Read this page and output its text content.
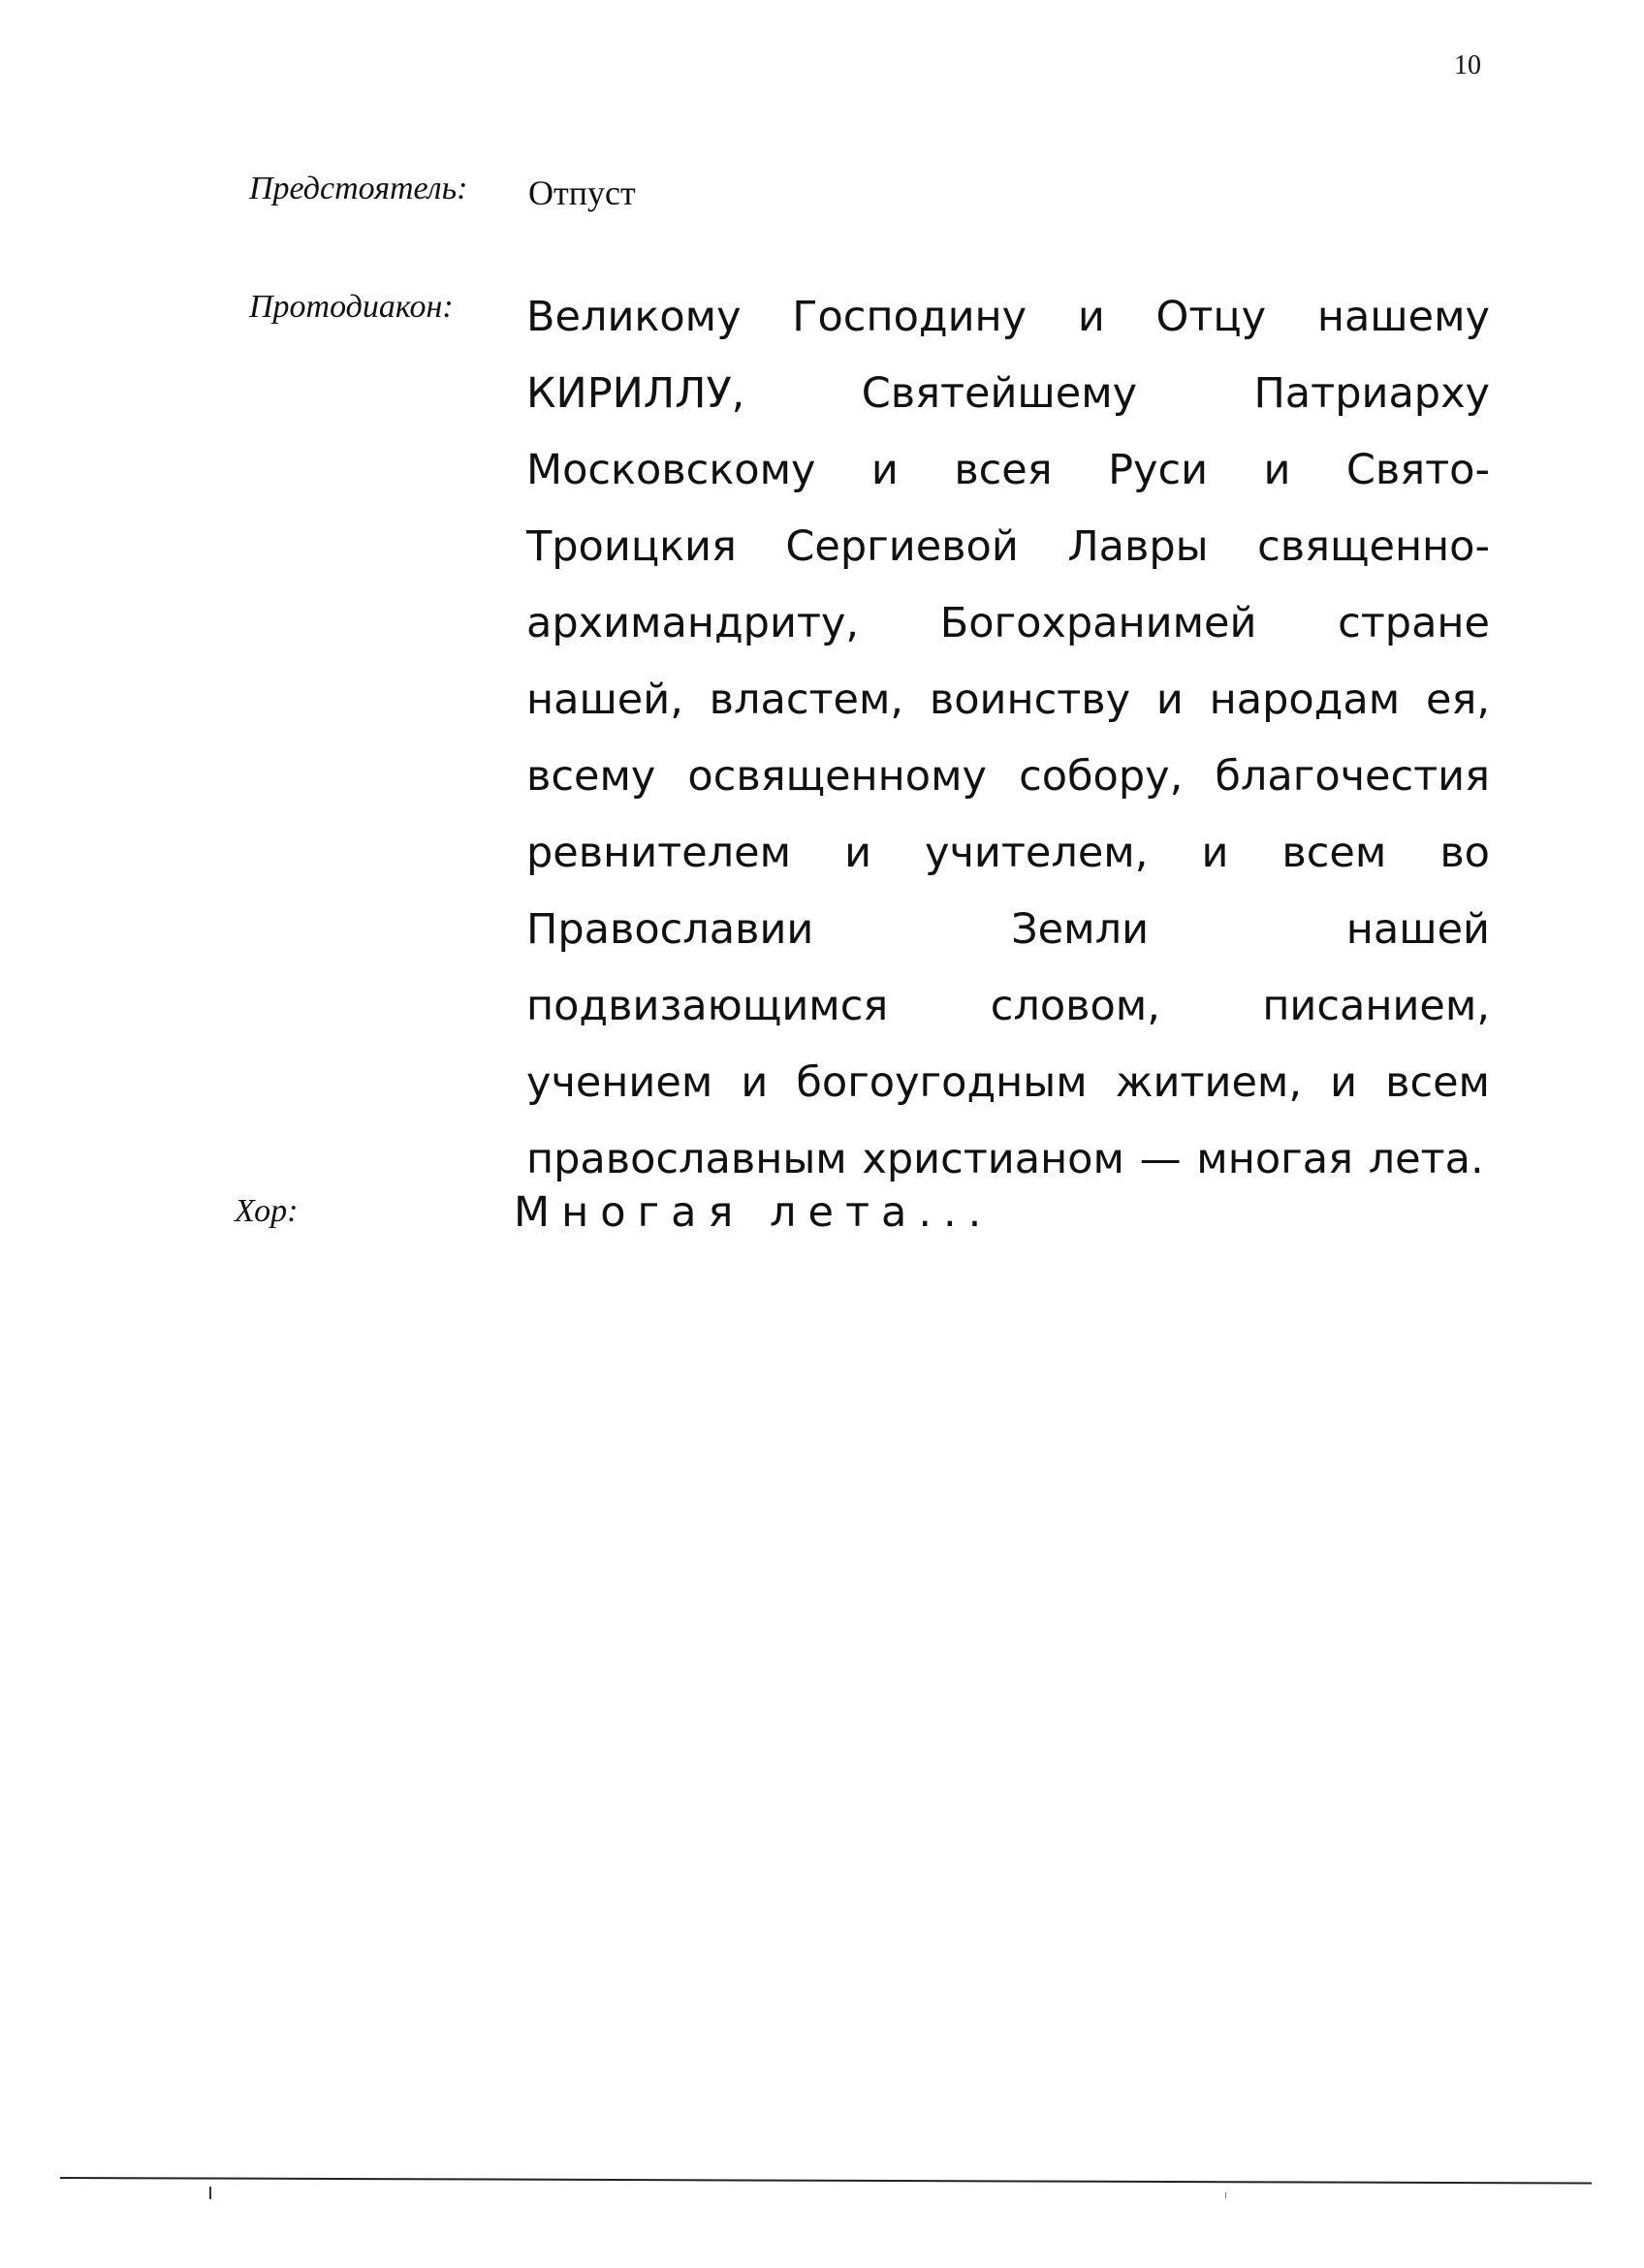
10
Предстоятель: Отпуст
Протодиакон: Великому Господину и Отцу нашему КИРИЛЛУ, Святейшему Патриарху Московскому и всея Руси и Свято-Троицкия Сергиевой Лавры священно-архимандриту, Богохранимей стране нашей, властем, воинству и народам ея, всему освященному собору, благочестия ревнителем и учителем, и всем во Православии Земли нашей подвизающимся словом, писанием, учением и богоугодным житием, и всем православным христианом — многая лета.

Хор:	Многая лета...
